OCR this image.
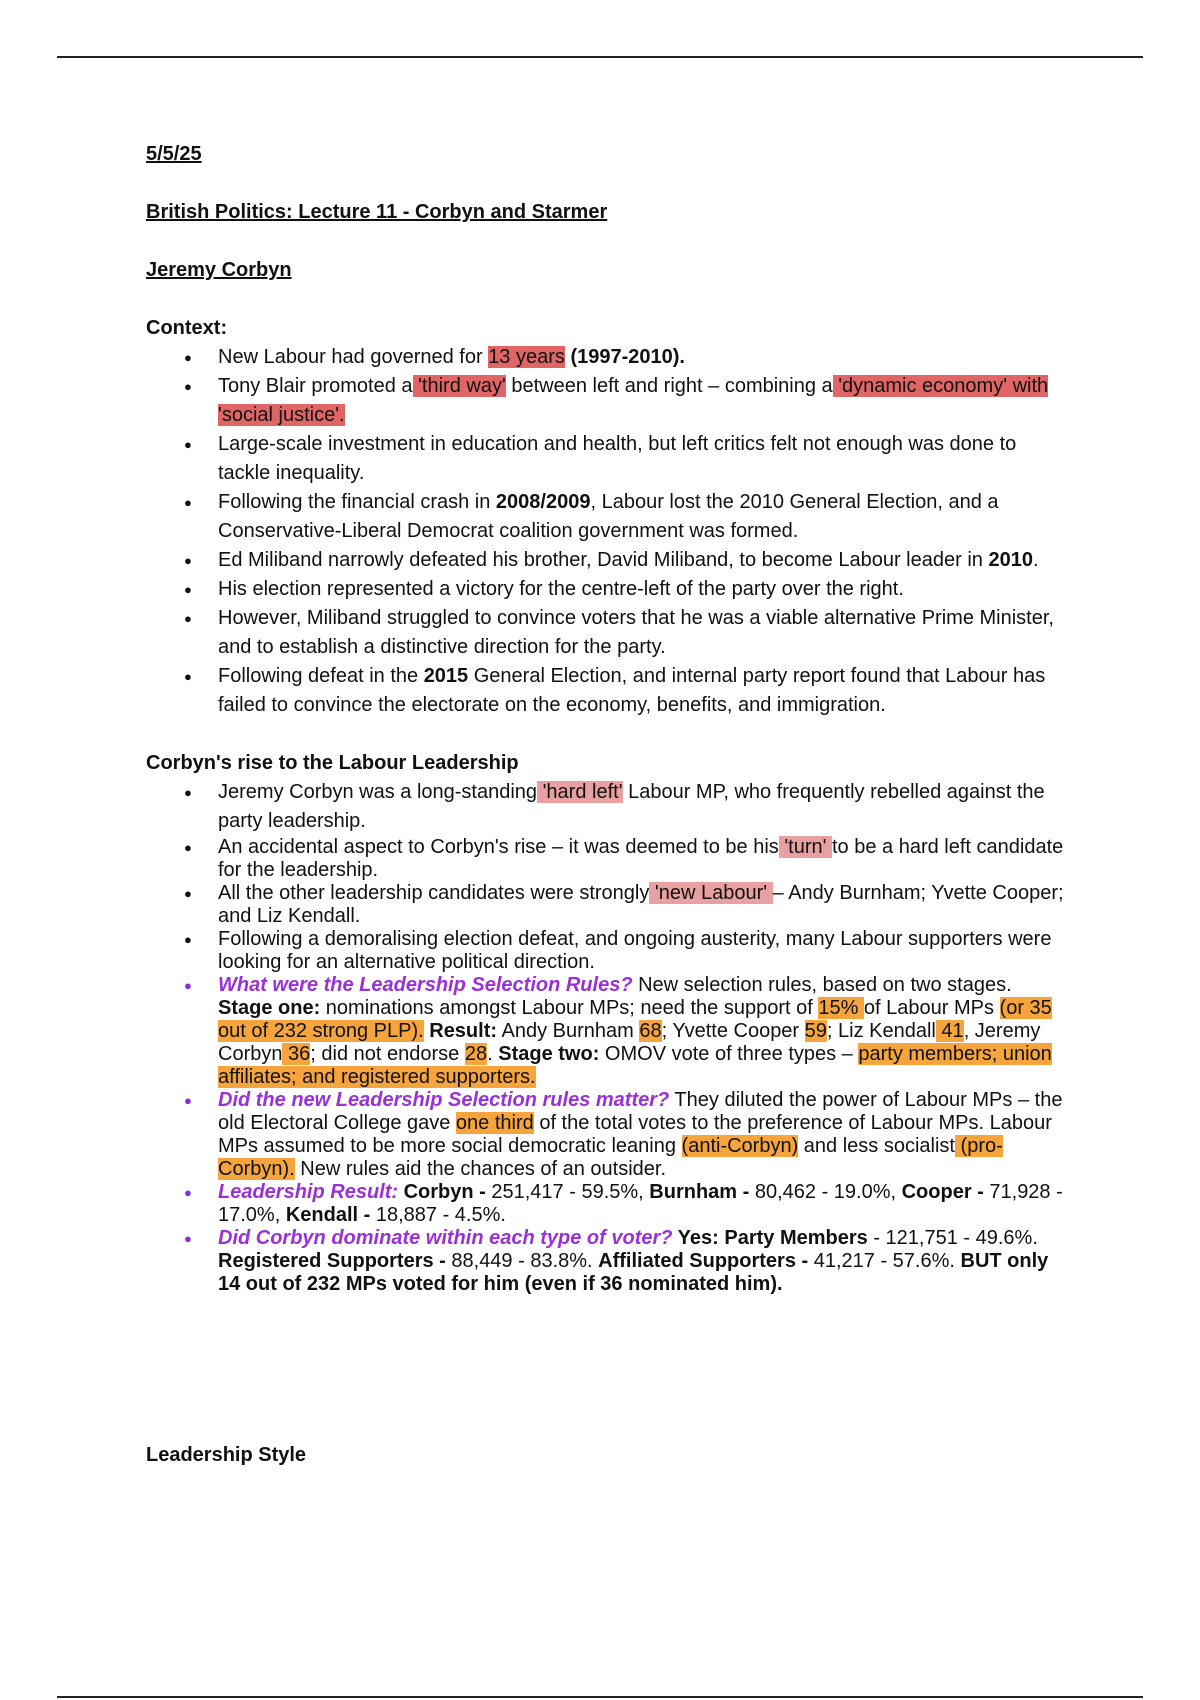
5/5/25

British Politics: Lecture 11 - Corbyn and Starmer

Jeremy Corbyn

Context:

● New Labour had governed for 13 years (1997-2010).
● Tony Blair promoted a 'third way' between left and right – combining a 'dynamic economy' with 'social justice'.
● Large-scale investment in education and health, but left critics felt not enough was done to tackle inequality.
● Following the financial crash in 2008/2009, Labour lost the 2010 General Election, and a Conservative-Liberal Democrat coalition government was formed.
● Ed Miliband narrowly defeated his brother, David Miliband, to become Labour leader in 2010.
● His election represented a victory for the centre-left of the party over the right.
● However, Miliband struggled to convince voters that he was a viable alternative Prime Minister, and to establish a distinctive direction for the party.
● Following defeat in the 2015 General Election, and internal party report found that Labour has failed to convince the electorate on the economy, benefits, and immigration.

Corbyn's rise to the Labour Leadership

● Jeremy Corbyn was a long-standing 'hard left' Labour MP, who frequently rebelled against the party leadership.
● An accidental aspect to Corbyn's rise – it was deemed to be his 'turn' to be a hard left candidate for the leadership.
● All the other leadership candidates were strongly 'new Labour' – Andy Burnham; Yvette Cooper; and Liz Kendall.
● Following a demoralising election defeat, and ongoing austerity, many Labour supporters were looking for an alternative political direction.
● What were the Leadership Selection Rules? New selection rules, based on two stages. Stage one: nominations amongst Labour MPs; need the support of 15% of Labour MPs (or 35 out of 232 strong PLP). Result: Andy Burnham 68; Yvette Cooper 59; Liz Kendall 41, Jeremy Corbyn 36; did not endorse 28. Stage two: OMOV vote of three types – party members; union affiliates; and registered supporters.
● Did the new Leadership Selection rules matter? They diluted the power of Labour MPs – the old Electoral College gave one third of the total votes to the preference of Labour MPs. Labour MPs assumed to be more social democratic leaning (anti-Corbyn) and less socialist (pro-Corbyn). New rules aid the chances of an outsider.
● Leadership Result: Corbyn - 251,417 - 59.5%, Burnham - 80,462 - 19.0%, Cooper - 71,928 - 17.0%, Kendall - 18,887 - 4.5%.
● Did Corbyn dominate within each type of voter? Yes: Party Members - 121,751 - 49.6%. Registered Supporters - 88,449 - 83.8%. Affiliated Supporters - 41,217 - 57.6%. BUT only 14 out of 232 MPs voted for him (even if 36 nominated him).

Leadership Style
